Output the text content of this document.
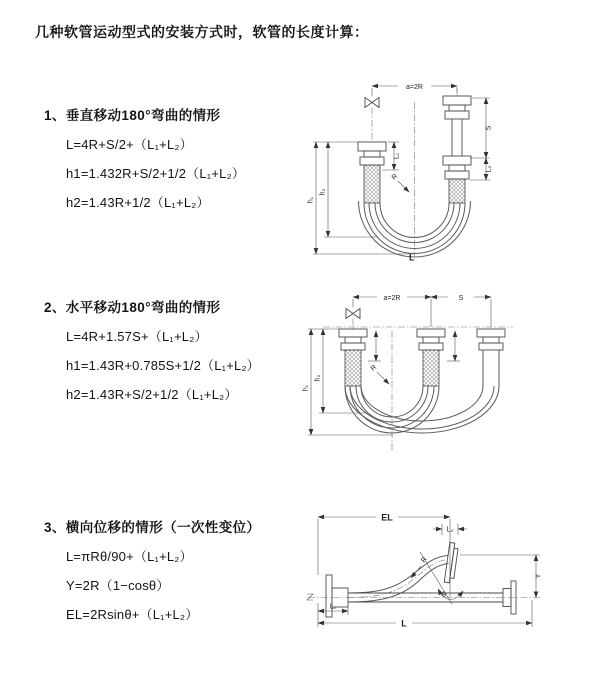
几种软管运动型式的安装方式时，软管的长度计算：
1、垂直移动180°弯曲的情形

L=4R+S/2+（L₁+L₂）

h1=1.432R+S/2+1/2（L₁+L₂）

h2=1.43R+1/2（L₁+L₂）

a=2R
L₁
S
L₂
R
h₁
h₂
L
2、水平移动180°弯曲的情形

L=4R+1.57S+（L₁+L₂）

h1=1.43R+0.785S+1/2（L₁+L₂）

h2=1.43R+S/2+1/2（L₁+L₂）

a=2R	S
R
h₁
h₂
3、横向位移的情形（一次性变位）

L=πRθ/90+（L₁+L₂）

Y=2R（1−cosθ）

EL=2Rsinθ+（L₁+L₂）

EL
L₂
Y
θ
R
L₁
L
